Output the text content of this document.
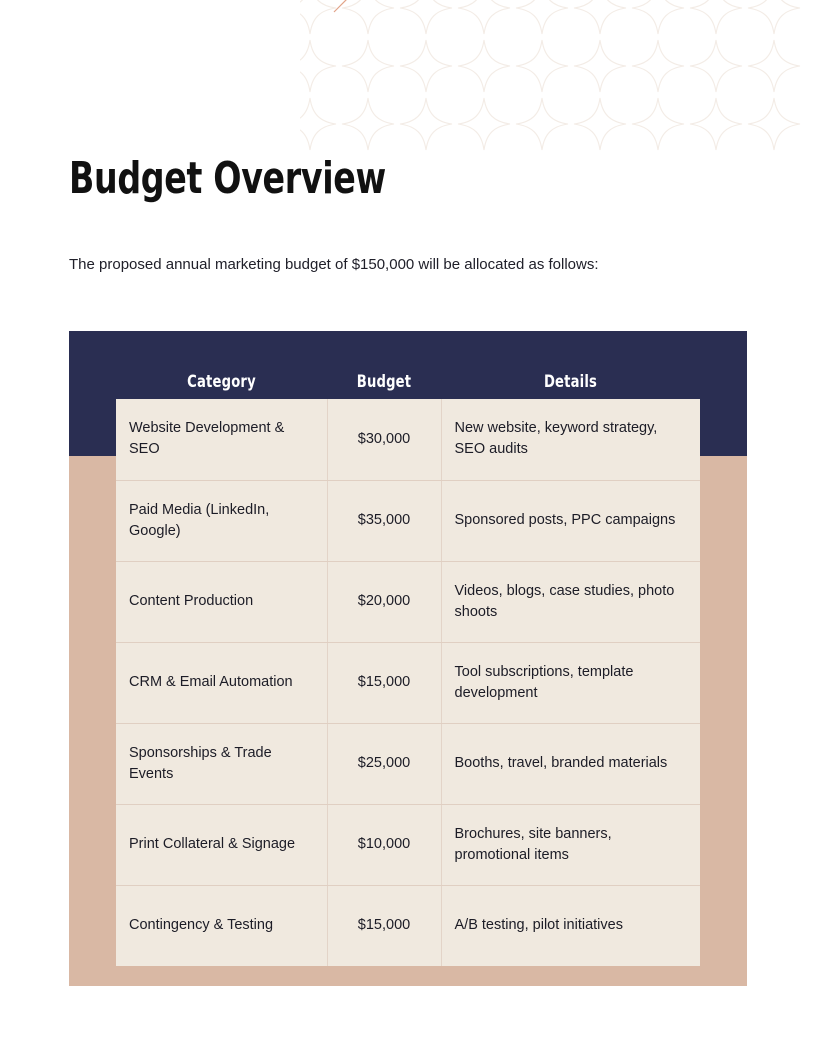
Budget Overview

The proposed annual marketing budget of $150,000 will be allocated as follows:

Category	Budget	Details
Website Development & SEO	$30,000	New website, keyword strategy, SEO audits
Paid Media (LinkedIn, Google)	$35,000	Sponsored posts, PPC campaigns
Content Production	$20,000	Videos, blogs, case studies, photo shoots
CRM & Email Automation	$15,000	Tool subscriptions, template development
Sponsorships & Trade Events	$25,000	Booths, travel, branded materials
Print Collateral & Signage	$10,000	Brochures, site banners, promotional items
Contingency & Testing	$15,000	A/B testing, pilot initiatives
